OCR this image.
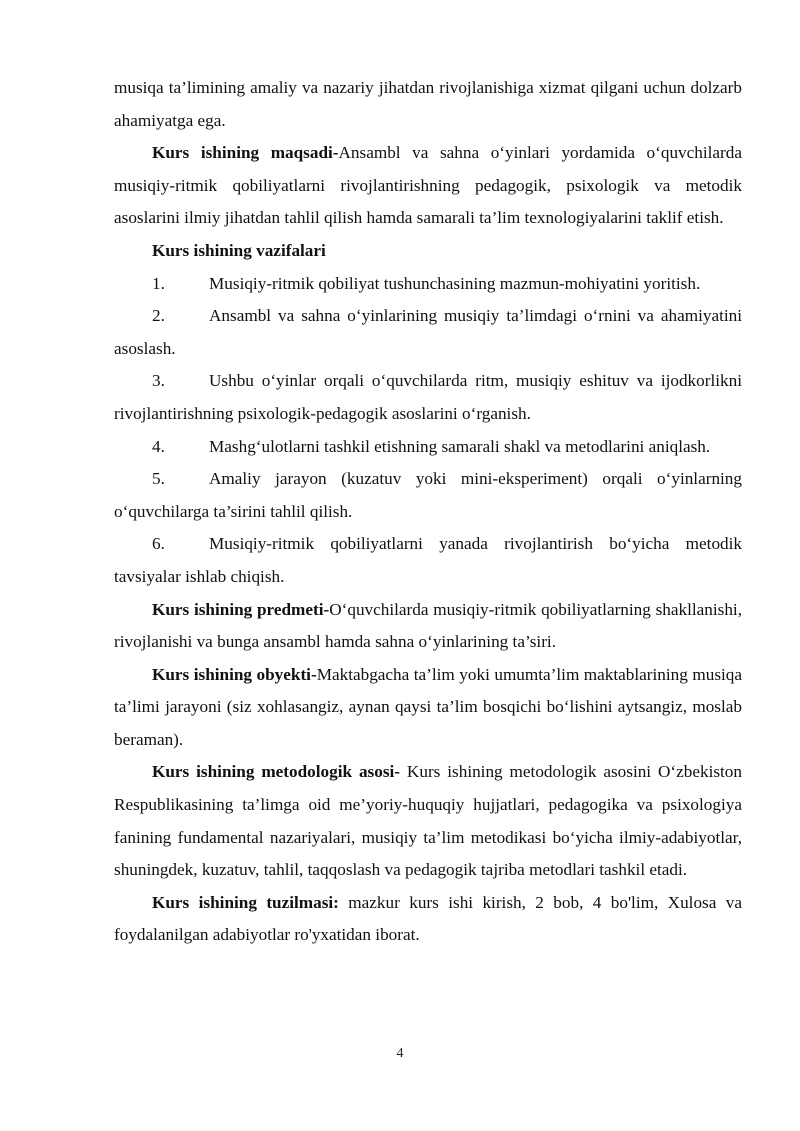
musiqa ta’limining amaliy va nazariy jihatdan rivojlanishiga xizmat qilgani uchun dolzarb ahamiyatga ega.

Kurs ishining maqsadi-Ansambl va sahna o‘yinlari yordamida o‘quvchilarda musiqiy-ritmik qobiliyatlarni rivojlantirishning pedagogik, psixologik va metodik asoslarini ilmiy jihatdan tahlil qilish hamda samarali ta’lim texnologiyalarini taklif etish.

Kurs ishining vazifalari

1.	Musiqiy-ritmik qobiliyat tushunchasining mazmun-mohiyatini yoritish.

2.	Ansambl va sahna o‘yinlarining musiqiy ta’limdagi o‘rnini va ahamiyatini asoslash.

3.	Ushbu o‘yinlar orqali o‘quvchilarda ritm, musiqiy eshituv va ijodkorlikni rivojlantirishning psixologik-pedagogik asoslarini o‘rganish.

4.	Mashg‘ulotlarni tashkil etishning samarali shakl va metodlarini aniqlash.

5.	Amaliy jarayon (kuzatuv yoki mini-eksperiment) orqali o‘yinlarning o‘quvchilarga ta’sirini tahlil qilish.

6.	Musiqiy-ritmik qobiliyatlarni yanada rivojlantirish bo‘yicha metodik tavsiyalar ishlab chiqish.

Kurs ishining predmeti-O‘quvchilarda musiqiy-ritmik qobiliyatlarning shakllanishi, rivojlanishi va bunga ansambl hamda sahna o‘yinlarining ta’siri.

Kurs ishining obyekti-Maktabgacha ta’lim yoki umumta’lim maktablarining musiqa ta’limi jarayoni (siz xohlasangiz, aynan qaysi ta’lim bosqichi bo‘lishini aytsangiz, moslab beraman).

Kurs ishining metodologik asosi- Kurs ishining metodologik asosini O‘zbekiston Respublikasining ta’limga oid me’yoriy-huquqiy hujjatlari, pedagogika va psixologiya fanining fundamental nazariyalari, musiqiy ta’lim metodikasi bo‘yicha ilmiy-adabiyotlar, shuningdek, kuzatuv, tahlil, taqqoslash va pedagogik tajriba metodlari tashkil etadi.

Kurs ishining tuzilmasi: mazkur kurs ishi kirish, 2 bob, 4 bo'lim, Xulosa va foydalanilgan adabiyotlar ro'yxatidan iborat.

4
